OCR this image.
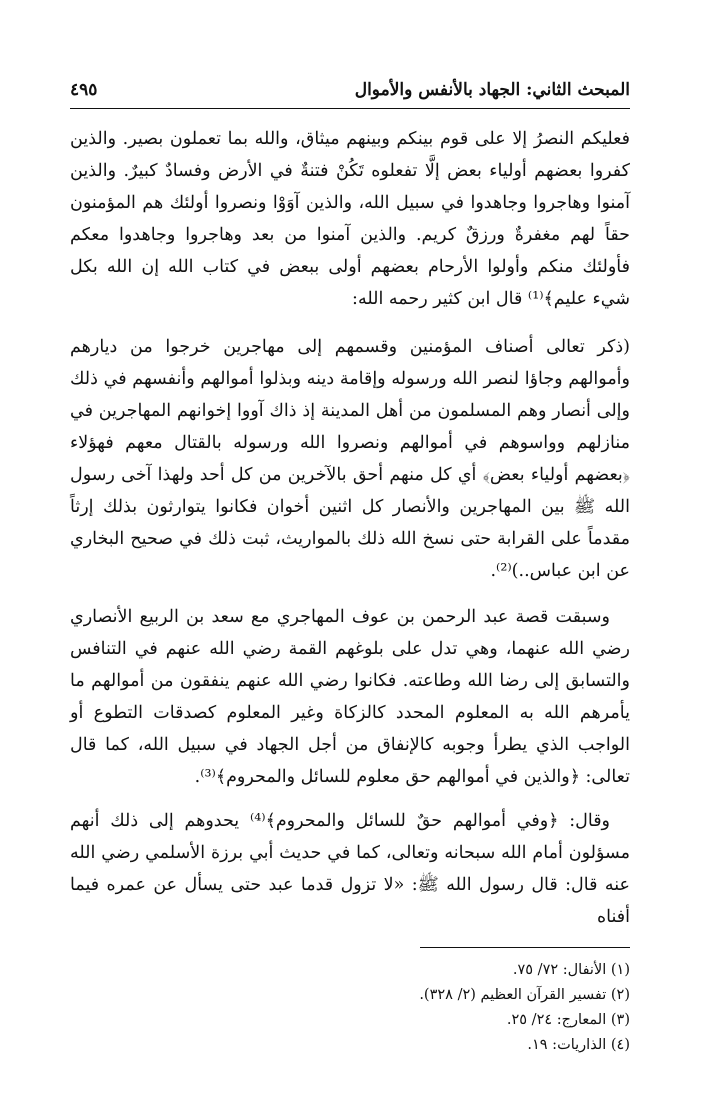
المبحث الثاني: الجهاد بالأنفس والأموال
٤٩٥

فعليكم النصرُ إلا على قوم بينكم وبينهم ميثاق، والله بما تعملون بصير. والذين كفروا بعضهم أولياء بعض إلَّا تفعلوه تَكُنْ فتنةٌ في الأرض وفسادٌ كبيرٌ. والذين آمنوا وهاجروا وجاهدوا في سبيل الله، والذين آوَوْا ونصروا أولئك هم المؤمنون حقاً لهم مغفرةٌ ورزقٌ كريم. والذين آمنوا من بعد وهاجروا وجاهدوا معكم فأولئك منكم وأولوا الأرحام بعضهم أولى ببعض في كتاب الله إن الله بكل شيء عليم﴾⁽¹⁾ قال ابن كثير رحمه الله:

(ذكر تعالى أصناف المؤمنين وقسمهم إلى مهاجرين خرجوا من ديارهم وأموالهم وجاؤا لنصر الله ورسوله وإقامة دينه وبذلوا أموالهم وأنفسهم في ذلك وإلى أنصار وهم المسلمون من أهل المدينة إذ ذاك آووا إخوانهم المهاجرين في منازلهم وواسوهم في أموالهم ونصروا الله ورسوله بالقتال معهم فهؤلاء ﴿بعضهم أولياء بعض﴾ أي كل منهم أحق بالآخرين من كل أحد ولهذا آخى رسول الله ﷺ بين المهاجرين والأنصار كل اثنين أخوان فكانوا يتوارثون بذلك إرثاً مقدماً على القرابة حتى نسخ الله ذلك بالمواريث، ثبت ذلك في صحيح البخاري عن ابن عباس..)⁽²⁾.

وسبقت قصة عبد الرحمن بن عوف المهاجري مع سعد بن الربيع الأنصاري رضي الله عنهما، وهي تدل على بلوغهم القمة رضي الله عنهم في التنافس والتسابق إلى رضا الله وطاعته. فكانوا رضي الله عنهم ينفقون من أموالهم ما يأمرهم الله به المعلوم المحدد كالزكاة وغير المعلوم كصدقات التطوع أو الواجب الذي يطرأ وجوبه كالإنفاق من أجل الجهاد في سبيل الله، كما قال تعالى: ﴿والذين في أموالهم حق معلوم للسائل والمحروم﴾⁽³⁾.

وقال: ﴿وفي أموالهم حقٌ للسائل والمحروم﴾⁽⁴⁾ يحدوهم إلى ذلك أنهم مسؤلون أمام الله سبحانه وتعالى، كما في حديث أبي برزة الأسلمي رضي الله عنه قال: قال رسول الله ﷺ: «لا تزول قدما عبد حتى يسأل عن عمره فيما أفناه

(١) الأنفال: ٧٢/ ٧٥.
(٢) تفسير القرآن العظيم (٢/ ٣٢٨).
(٣) المعارج: ٢٤/ ٢٥.
(٤) الذاريات: ١٩.
